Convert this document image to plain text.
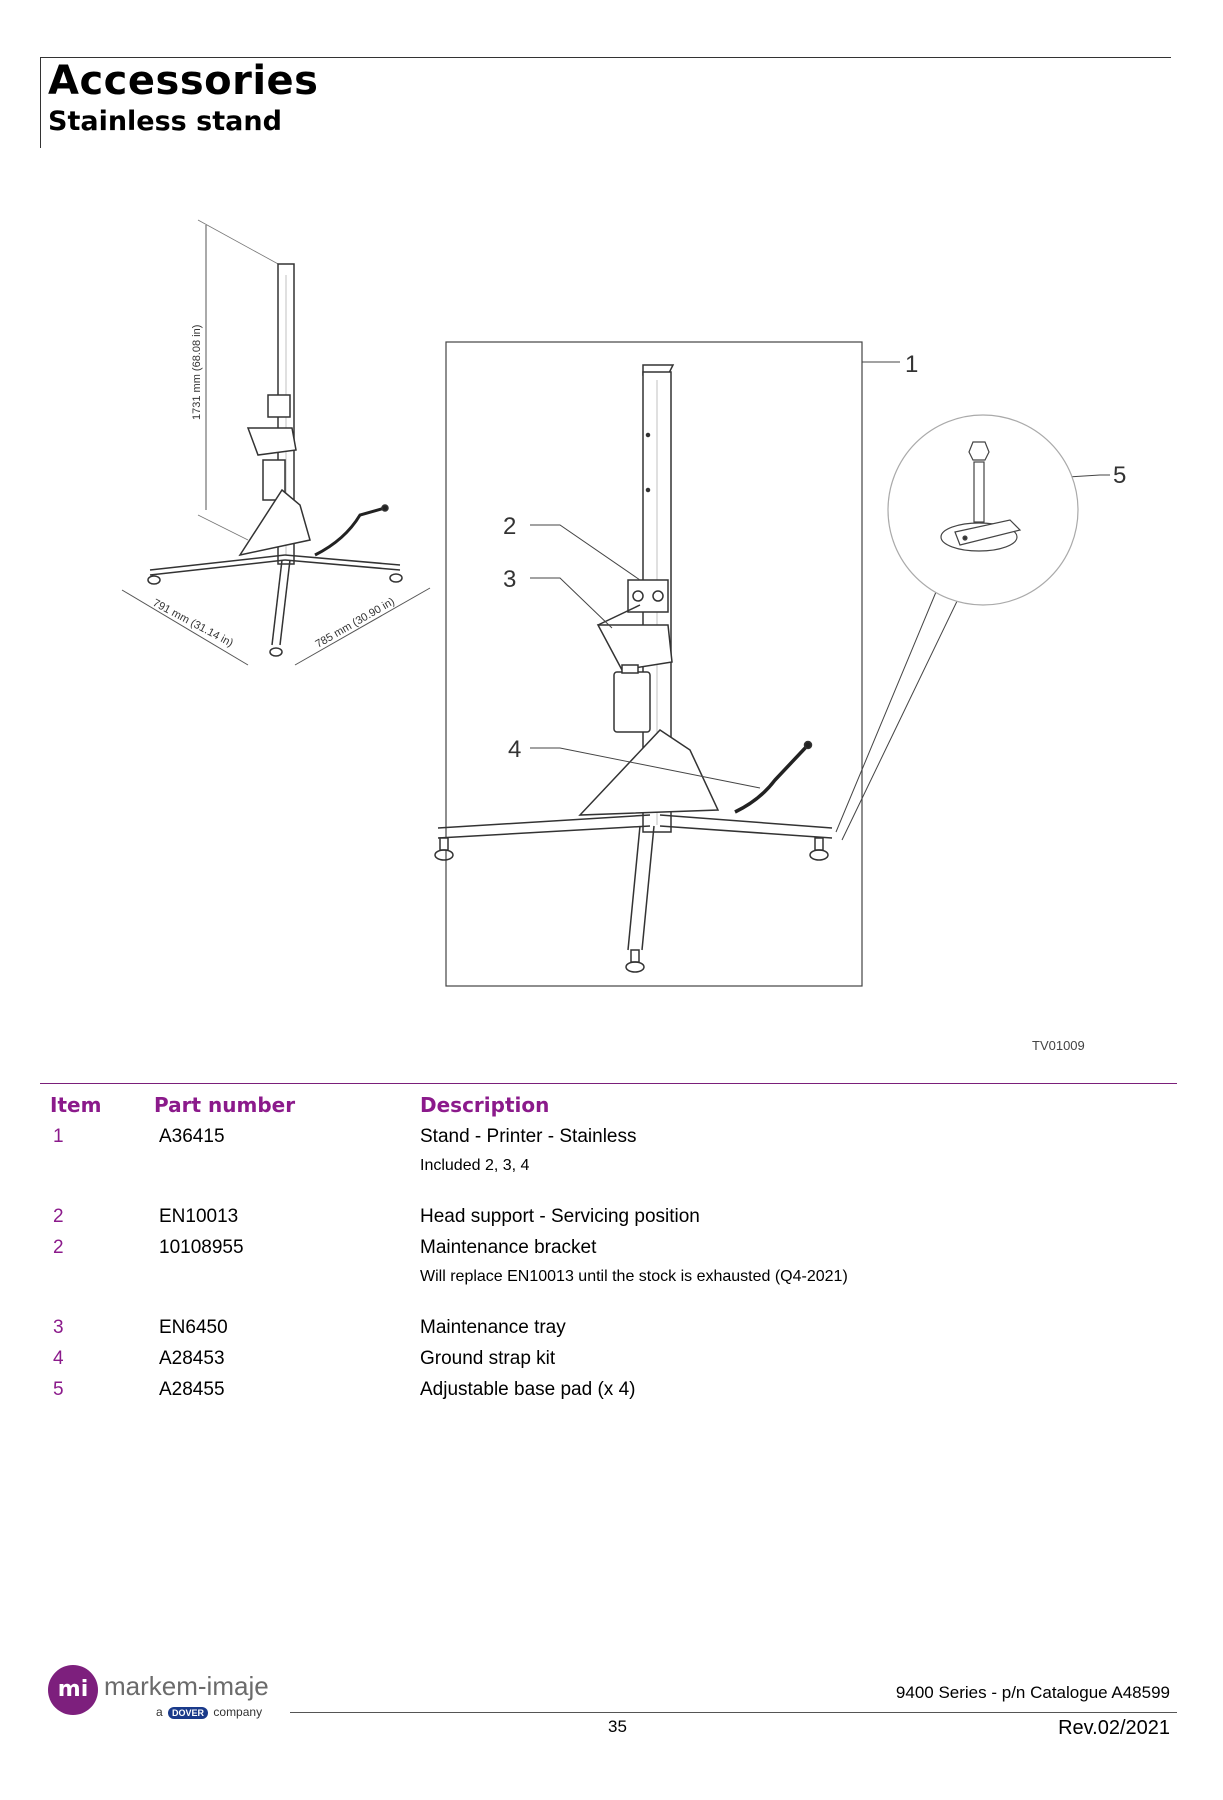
Accessories
Stainless stand
1731 mm (68.08 in)
791 mm (31.14 in)	785 mm (30.90 in)
1
2
3
4
5
TV01009
Item	Part number	Description
1	A36415	Stand - Printer - Stainless
Included 2, 3, 4
2	EN10013	Head support - Servicing position
2	10108955	Maintenance bracket
Will replace EN10013 until the stock is exhausted (Q4-2021)
3	EN6450	Maintenance tray
4	A28453	Ground strap kit
5	A28455	Adjustable base pad (x 4)
mi markem-imaje
a DOVER company
9400 Series - p/n Catalogue A48599
35	Rev.02/2021
